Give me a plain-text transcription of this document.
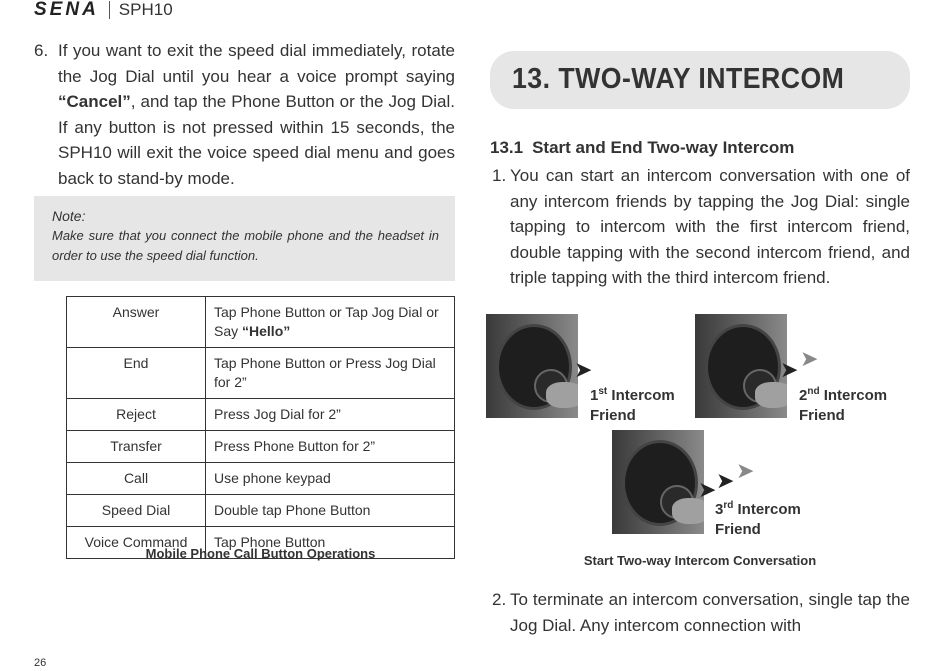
SENA SPH10
6. If you want to exit the speed dial immediately, rotate the Jog Dial until you hear a voice prompt saying “Cancel”, and tap the Phone Button or the Jog Dial. If any button is not pressed within 15 seconds, the SPH10 will exit the voice speed dial menu and goes back to stand-by mode.
Note:
Make sure that you connect the mobile phone and the headset in order to use the speed dial function.
Answer	Tap Phone Button or Tap Jog Dial or Say “Hello”
End	Tap Phone Button or Press Jog Dial for 2”
Reject	Press Jog Dial for 2”
Transfer	Press Phone Button for 2”
Call	Use phone keypad
Speed Dial	Double tap Phone Button
Voice Command	Tap Phone Button
Mobile Phone Call Button Operations
13. TWO-WAY INTERCOM
13.1 Start and End Two-way Intercom
1. You can start an intercom conversation with one of any intercom friends by tapping the Jog Dial: single tapping to intercom with the first intercom friend, double tapping with the second intercom friend, and triple tapping with the third intercom friend.
➤
1st Intercom
Friend
➤ ➤
2nd Intercom
Friend
➤ ➤ ➤
3rd Intercom
Friend
Start Two-way Intercom Conversation
2. To terminate an intercom conversation, single tap the Jog Dial. Any intercom connection with
26
